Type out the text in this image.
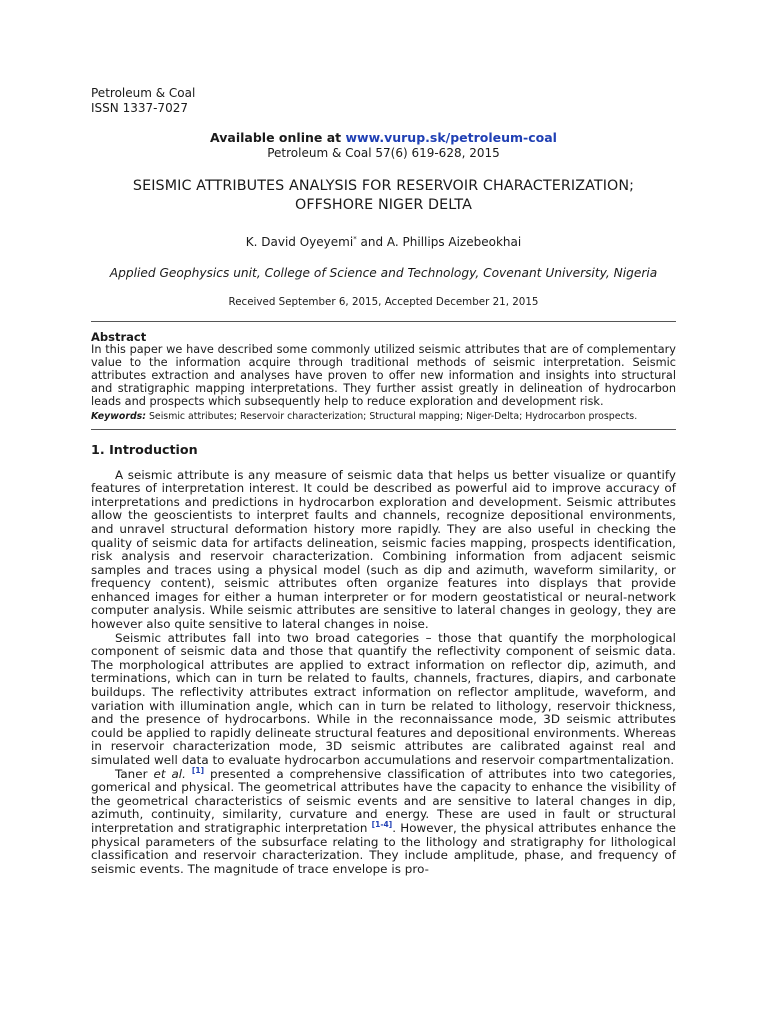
Petroleum & Coal
ISSN 1337-7027
Available online at www.vurup.sk/petroleum-coal
Petroleum & Coal 57(6) 619-628, 2015
SEISMIC ATTRIBUTES ANALYSIS FOR RESERVOIR CHARACTERIZATION;
OFFSHORE NIGER DELTA
K. David Oyeyemi* and A. Phillips Aizebeokhai
Applied Geophysics unit, College of Science and Technology, Covenant University, Nigeria
Received September 6, 2015, Accepted December 21, 2015
Abstract

In this paper we have described some commonly utilized seismic attributes that are of complementary value to the information acquire through traditional methods of seismic interpretation. Seismic attributes extraction and analyses have proven to offer new information and insights into structural and stratigraphic mapping interpretations. They further assist greatly in delineation of hydrocarbon leads and prospects which subsequently help to reduce exploration and development risk.

Keywords: Seismic attributes; Reservoir characterization; Structural mapping; Niger-Delta; Hydrocarbon prospects.
1. Introduction

A seismic attribute is any measure of seismic data that helps us better visualize or quantify features of interpretation interest. It could be described as powerful aid to improve accuracy of interpretations and predictions in hydrocarbon exploration and development. Seismic attributes allow the geoscientists to interpret faults and channels, recognize depositional environments, and unravel structural deformation history more rapidly. They are also useful in checking the quality of seismic data for artifacts delineation, seismic facies mapping, prospects identification, risk analysis and reservoir characterization. Combining information from adjacent seismic samples and traces using a physical model (such as dip and azimuth, waveform similarity, or frequency content), seismic attributes often organize features into displays that provide enhanced images for either a human interpreter or for modern geostatistical or neural-network computer analysis. While seismic attributes are sensitive to lateral changes in geology, they are however also quite sensitive to lateral changes in noise.

Seismic attributes fall into two broad categories – those that quantify the morphological component of seismic data and those that quantify the reflectivity component of seismic data. The morphological attributes are applied to extract information on reflector dip, azimuth, and terminations, which can in turn be related to faults, channels, fractures, diapirs, and carbonate buildups. The reflectivity attributes extract information on reflector amplitude, waveform, and variation with illumination angle, which can in turn be related to lithology, reservoir thickness, and the presence of hydrocarbons. While in the reconnaissance mode, 3D seismic attributes could be applied to rapidly delineate structural features and depositional environments. Whereas in reservoir characterization mode, 3D seismic attributes are calibrated against real and simulated well data to evaluate hydrocarbon accumulations and reservoir compartmentalization.

Taner et al. [1] presented a comprehensive classification of attributes into two categories, gomerical and physical. The geometrical attributes have the capacity to enhance the visibility of the geometrical characteristics of seismic events and are sensitive to lateral changes in dip, azimuth, continuity, similarity, curvature and energy. These are used in fault or structural interpretation and stratigraphic interpretation [1-4]. However, the physical attributes enhance the physical parameters of the subsurface relating to the lithology and stratigraphy for lithological classification and reservoir characterization. They include amplitude, phase, and frequency of seismic events. The magnitude of trace envelope is pro-
